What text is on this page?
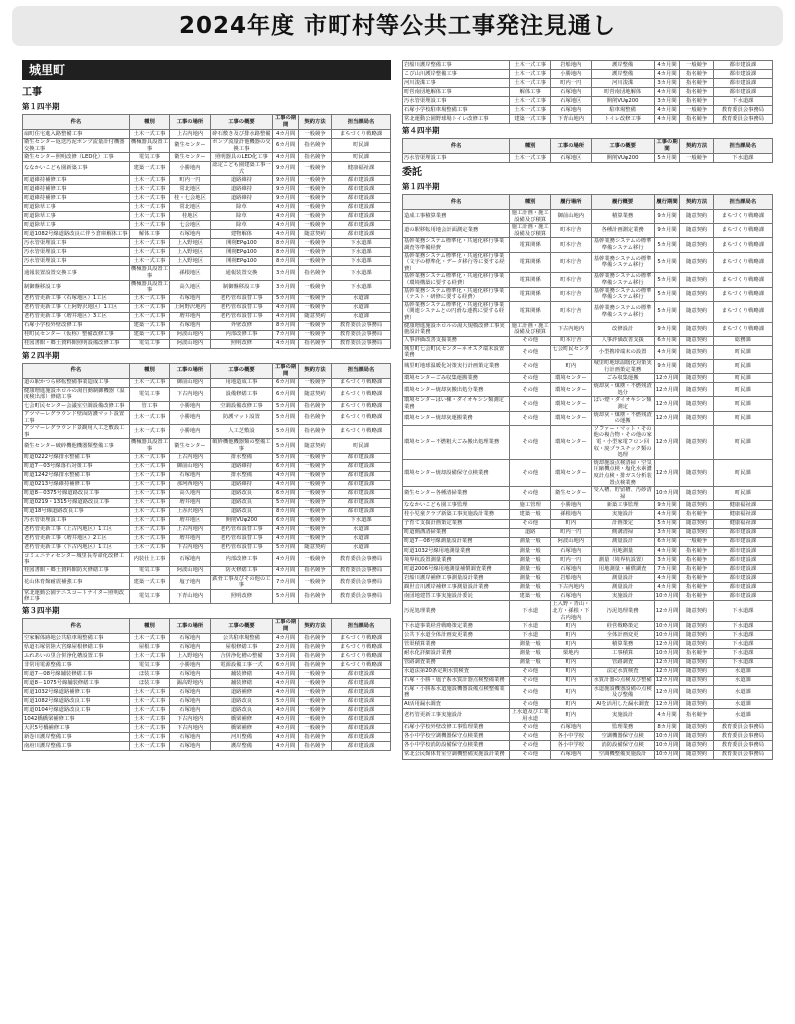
2024年度 市町村等公共工事発注見通し
城里町
工事
第１四半期
件名	種別	工事の場所	工事の概要	工事の期間	契約方法	担当課局名
扇町住宅進入路整備工事	土木一式工事	上古内地内	砕石敷き及び排水路整備	4カ月間	一般競争	まちづくり戦略課
衛生センター返送汚泥ポンプ流量計付機器交換工事	機械器具設置工事	衛生センター	ポンプ流量計他機器の交換工事	6カ月間	指名競争	町民課
衛生センター照明改修（LED化）工事	電気工事	衛生センター	照明器具のLED化工事	4カ月間	指名競争	町民課
ななかいこども園新築工事	建築一式工事	小勝地内	認定こども園建築工事一式	9カ月間	一般競争	健康福祉課
町道維持補修工事	土木一式工事	町内一円	道路維持	9カ月間	一般競争	都市建設課
町道維持補修工事	土木一式工事	常北地区	道路維持	9カ月間	一般競争	都市建設課
町道維持補修工事	土木一式工事	桂・七会地区	道路維持	9カ月間	一般競争	都市建設課
町道除草工事	土木一式工事	常北地区	除草	4カ月間	一般競争	都市建設課
町道除草工事	土木一式工事	桂地区	除草	4カ月間	一般競争	都市建設課
町道除草工事	土木一式工事	七会地区	除草	4カ月間	一般競争	都市建設課
町道1082号線道路改良に伴う倉庫解体工事	解体工事	石塚地内	建物解体	4カ月間	随意契約	都市建設課
汚水管渠埋設工事	土木一式工事	上入野地区	開削EPφ100	8カ月間	一般競争	下水道課
汚水管渠埋設工事	土木一式工事	上入野地区	開削EPφ100	8カ月間	一般競争	下水道課
汚水管渠埋設工事	土木一式工事	上入野地区	開削EPφ100	8カ月間	一般競争	下水道課
通報装置設置交換工事	機械器具設置工事	孫根地区	通報装置交換	3カ月間	指名競争	下水道課
制御盤移設工事	機械器具設置工事	高久地区	制御盤移設工事	3カ月間	一般競争	下水道課
老朽管更新工事（石塚地区）1工区	土木一式工事	石塚地内	老朽管布設替工事	5カ月間	一般競争	水道課
老朽管更新工事（上阿野沢地区）1工区	土木一式工事	上阿野沢地内	老朽管布設替工事	4カ月間	一般競争	水道課
老朽管更新工事（増井地区）3工区	土木一式工事	増井地内	老朽管布設替工事	4カ月間	随意契約	水道課
石塚小学校外壁改修工事	建築一式工事	石塚地内	外壁改修	8カ月間	一般競争	教育委員会事務局
桂町民センター（仮称）整備改修工事	建築一式工事	阿波山地内	内部改修工事	7カ月間	一般競争	教育委員会事務局
桂図書館・郷土資料館照明設備改修工事	電気工事	阿波山地内	照明改修	4カ月間	指名競争	教育委員会事務局
第２四半期
件名	種別	工事の場所	工事の概要	工事の期間	契約方法	担当課局名
道の駅かつら移転整備事業造成工事	土木一式工事	御前山地内	用地造成工事	6カ月間	一般競争	まちづくり戦略課
健康増進施設ホロルの湯自動制御機器（温度検出部）修繕工事	電気工事	下古内地内	設備修繕工事	6カ月間	随意契約	まちづくり戦略課
七会町民センター会議室空調設備改修工事	管工事	小勝地内	空調設備改修工事	5カ月間	指名競争	まちづくり戦略課
アツマーレグラウンド壁面防護マット設置工事	土木一式工事	小勝地内	防護マット設置	5カ月間	指名競争	まちづくり戦略課
アツマーレグラウンド景観用人工芝敷設工事	土木一式工事	小勝地内	人工芝敷設	5カ月間	指名競争	まちづくり戦略課
衛生センター破砕機他機器類整備工事	機械器具設置工事	衛生センター	破砕機他機器類の整備工事	5カ月間	随意契約	町民課
町道0222号線排水整備工事	土木一式工事	上古内地内	排水整備	5カ月間	一般競争	都市建設課
町道7－03号線落石対策工事	土木一式工事	御前山地内	道路維持	6カ月間	一般競争	都市建設課
町道1242号線排水整備工事	土木一式工事	石塚地内	排水整備	4カ月間	一般競争	都市建設課
町道0213号線維持補修工事	土木一式工事	那珂西地内	道路維持	4カ月間	一般競争	都市建設課
町道8－0375号線道路改良工事	土木一式工事	高久地内	道路改良	6カ月間	一般競争	都市建設課
町道0219・1315号線道路改良工事	土木一式工事	増井地内	道路改良	5カ月間	一般競争	都市建設課
町道18号線道路改良工事	土木一式工事	上赤沢地内	道路改良	8カ月間	一般競争	都市建設課
汚水管渠埋設工事	土木一式工事	増井地区	開削VUφ200	6カ月間	一般競争	下水道課
老朽管更新工事（上古内地区）1工区	土木一式工事	上古内地内	老朽管布設替工事	4カ月間	一般競争	水道課
老朽管更新工事（増井地区）2工区	土木一式工事	増井地内	老朽管布設替工事	4カ月間	一般競争	水道課
老朽管更新工事（下古内地区）1工区	土木一式工事	下古内地内	老朽管布設替工事	5カ月間	随意契約	水道課
コミュニティセンター城里長寿命化改修工事	内装仕上工事	石塚地内	内部改修工事	4カ月間	一般競争	教育委員会事務局
桂図書館・郷土資料館防火修繕工事	電気工事	阿波山地内	防火修繕工事	4カ月間	指名競争	教育委員会事務局
花山体育館耐震補強工事	建築一式工事	塩子地内	鉄骨工事及びその他の工事	7カ月間	一般競争	教育委員会事務局
常北運動公園テニスコートナイター照明改修工事	電気工事	下青山地内	照明改修	5カ月間	指名競争	教育委員会事務局
第３四半期
件名	種別	工事の場所	工事の概要	工事の期間	契約方法	担当課局名
空家解体跡地公共駐車場整備工事	土木一式工事	石塚地内	公共駐車場整備	4カ月間	指名競争	まちづくり戦略課
県道石塚常陸大宮線屋根修繕工事	屋根工事	石塚地内	屋根修繕工事	2カ月間	指名競争	まちづくり戦略課
ふれあいの里合併浄化槽設置工事	土木一式工事	上入野地内	合併浄化槽の整備	3カ月間	指名競争	まちづくり戦略課
非常用電源整備工事	電気工事	小勝地内	電源設備工事一式	6カ月間	指名競争	まちづくり戦略課
町道7－08号線舗装修繕工事	ほ装工事	石塚地内	舗装修繕	4カ月間	一般競争	都市建設課
町道8－1075号線舗装修繕工事	ほ装工事	錫高野地内	舗装修繕	4カ月間	一般競争	都市建設課
町道1032号線道路補修工事	土木一式工事	石塚地内	道路補修	4カ月間	一般競争	都市建設課
町道1082号線道路改良工事	土木一式工事	石塚地内	道路改良	5カ月間	一般競争	都市建設課
町道0104号線道路改良工事	土木一式工事	石塚地内	道路改良	4カ月間	一般競争	都市建設課
1042橋橋梁補修工事	土木一式工事	下古内地内	橋梁補修	4カ月間	一般競争	都市建設課
大沢5号橋補修工事	土木一式工事	下古内地内	橋梁補修	4カ月間	一般競争	都市建設課
新巻川護岸整備工事	土木一式工事	石塚地内	河川整備	4カ月間	指名競争	都市建設課
南府川護岸整備工事	土木一式工事	石塚地内	護岸整備	4カ月間	指名競争	都市建設課
岩船川護岸整備工事	土木一式工事	岩船地内	護岸整備	4カ月間	一般競争	都市建設課
こぴ山川護岸整備工事	土木一式工事	小勝地内	護岸整備	4カ月間	指名競争	都市建設課
河川浚渫工事	土木一式工事	町内一円	河川浚渫	3カ月間	指名競争	都市建設課
町営南団地解体工事	解体工事	石塚地内	町営南団地解体	4カ月間	指名競争	都市建設課
汚水管渠埋設工事	土木一式工事	石塚地区	開削VUφ200	3カ月間	指名競争	下水道課
石塚小学校駐車場整備工事	土木一式工事	石塚地内	駐車場整備	4カ月間	一般競争	教育委員会事務局
常北運動公園野球場トイレ改修工事	建築一式工事	下青山地内	トイレ改修工事	4カ月間	指名競争	教育委員会事務局
第４四半期
件名	種別	工事の場所	工事の概要	工事の期間	契約方法	担当課局名
汚水管渠埋設工事	土木一式工事	石塚地区	開削VUφ200	5カ月間	一般競争	下水道課
委託
第１四半期
件名	種別	履行場所	履行概要	履行期間	契約方法	担当課局名
造成工事積算業務	施工計画・施工設備及び積算	御前山地内	積算業務	9カ月間	随意契約	まちづくり戦略課
道の駅移転用地会計面測定業務	施工計画・施工設備及び積算	町本庁舎	各種計画測定業務	9カ月間	随意契約	まちづくり戦略課
基幹業務システム標準化・共通化移行事業調査等準備経費	電算関係	町本庁舎	基幹業務システムの標準準備システム移行	5カ月間	随意契約	まちづくり戦略課
基幹業務システム標準化・共通化移行事業（文字の標準化・データ移行等に要する経費）	電算関係	町本庁舎	基幹業務システムの標準準備システム移行	5カ月間	随意契約	まちづくり戦略課
基幹業務システム標準化・共通化移行事業（環境構築に要する経費）	電算関係	町本庁舎	基幹業務システムの標準準備システム移行	5カ月間	随意契約	まちづくり戦略課
基幹業務システム標準化・共通化移行事業（テスト・研修に要する経費）	電算関係	町本庁舎	基幹業務システムの標準準備システム移行	5カ月間	随意契約	まちづくり戦略課
基幹業務システム標準化・共通化移行事業（関連システムとの円滑な連携に要する経費）	電算関係	町本庁舎	基幹業務システムの標準準備システム移行	5カ月間	随意契約	まちづくり戦略課
健康増進施設ホロルの湯大規模改修工事実施設計業務	施工計画・施工設備及び積算	下古内地内	改修設計	9カ月間	随意契約	まちづくり戦略課
人事評価改善支援業務	その他	町本庁舎	人事評価改善支援	6カ月間	随意契約	総務課
城里町七会町民センターネオスク端末設置業務	その他	七会町民センター	小型携帯端末の設置	4カ月間	随意契約	町民課
城里町地球温暖化対策実行計画策定業務	その他	町内	城里町地球温暖化対策実行計画策定業務	9カ月間	随意契約	町民課
環境センターごみ収集運搬業務	その他	環境センター	ごみ収集運搬	12カ月間	随意契約	町民課
環境センター焼却灰搬出処分業務	その他	環境センター	焼却灰・煤塵・不燃残渣処分	12カ月間	随意契約	町民課
環境センターはい棟・ダイオキシン類測定業務	その他	環境センター	ばい煙・ダイオキシン類測定	12カ月間	随意契約	町民課
環境センター焼却灰運搬業務	その他	環境センター	焼却灰・煤塵・不燃残渣の運搬	12カ月間	随意契約	町民課
環境センター不燃粗大ごみ搬出処理業務	その他	環境センター	ソファー・マット・その他の複合物・その他の家電・小型家電フロン回収・廃プラスチック類の処理	12カ月間	随意契約	町民課
環境センター焼却設備保守点検業務	その他	環境センター	焼却施設点検清掃・空気圧縮機点検・塩化水素濃度計点検・排ガス分析装置点検業務	12カ月間	随意契約	町民課
衛生センター各種清掃業務	その他	衛生センター	受入槽、貯留槽、汚砂清掃	10カ月間	随意契約	町民課
ななかいこども園工事監理	施工管理	小勝地内	新築工事監理	9カ月間	随意契約	健康福祉課
桂小児童クラブ新築工事実施設計業務	建築一般	孫根地内	実施設計	4カ月間	指名競争	健康福祉課
子育て支援計画策定業務	その他	町内	計画策定	5カ月間	随意契約	健康福祉課
町道側溝清掃業務	道路	町内一円	側溝清掃	3カ月間	随意契約	都市建設課
町道7－08号線測量設計業務	測量一般	阿波山地内	測量設計	6カ月間	一般競争	都市建設課
町道1032号線用地測量業務	測量一般	石塚地内	用地測量	4カ月間	指名競争	都市建設課
境界杭設置測量業務	測量一般	町内一円	測量（境界杭設置）	3カ月間	指名競争	都市建設課
町道2006号線用地測量補償調査業務	測量一般	石塚地内	用地測量・補償調査	7カ月間	指名競争	都市建設課
岩船川護岸補修工事測量設計業務	測量一般	岩船地内	測量設計	4カ月間	指名競争	都市建設課
観世音川護岸補修工事測量設計業務	測量一般	下古内地内	測量設計	4カ月間	指名競争	都市建設課
南団地建替工事実施設計委託	建築一般	石塚地内	実施設計	10カ月間	指名競争	都市建設課
汚泥処理業務	下水道	上入野・青山・北方・孫根・下古内地内	汚泥処理業務	12カ月間	随意契約	下水道課
下水道事業経営戦略策定業務	下水道	町内	経営戦略策定	10カ月間	随意契約	下水道課
公共下水道全体計画変更業務	下水道	町内	全体計画変更	10カ月間	随意契約	下水道課
管渠積算業務	測量一般	町内	積算業務	12カ月間	随意契約	下水道課
耐水化詳細設計業務	測量一般	栗地内	工事積算	10カ月間	指名競争	下水道課
管路調査業務	測量一般	町内	管路調査	12カ月間	随意契約	下水道課
水道法第20条定期水質検査	その他	町内	法定水質検査	12カ月間	随意契約	水道課
石塚・小勝・塩子系水質計器点検整備業務	その他	町内	水質計器の点検及び整備	12カ月間	随意契約	水道課
石塚・小勝系水道施設機器設備点検整備業務	その他	町内	水道施設機器設備の点検及び整備	12カ月間	随意契約	水道課
AI活用漏水調査	その他	町内	AIを活用した漏水調査	12カ月間	随意契約	水道課
老朽管更新工事実施設計	上水道及び工業用水道	町内	実施設計	4カ月間	指名競争	水道課
石塚小学校外壁改修工事監理業務	その他	石塚地内	監理業務	8カ月間	随意契約	教育委員会事務局
各小中学校空調機器保守点検業務	その他	各小中学校	空調機器保守点検	10カ月間	随意契約	教育委員会事務局
各小中学校消防設備保守点検業務	その他	各小中学校	消防設備保守点検	10カ月間	随意契約	教育委員会事務局
常北公民館体育室空調機整備実施設計業務	その他	石塚地内	空調機整備実施設計	10カ月間	随意契約	教育委員会事務局
